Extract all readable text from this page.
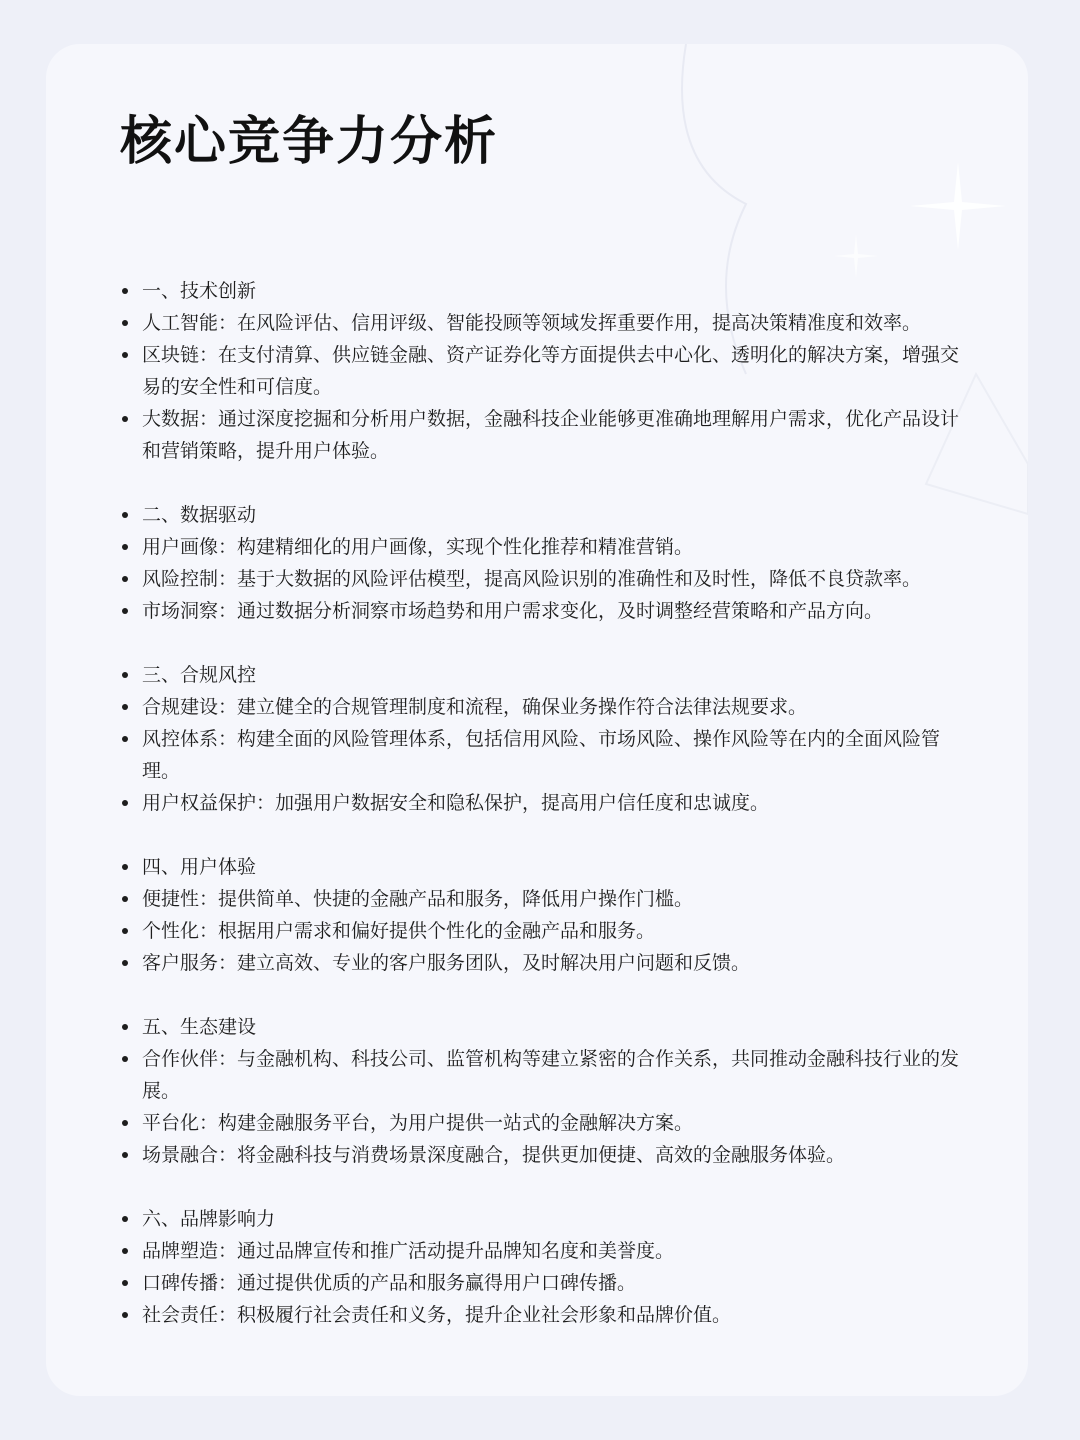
核心竞争力分析
一、技术创新
人工智能：在风险评估、信用评级、智能投顾等领域发挥重要作用，提高决策精准度和效率。
区块链：在支付清算、供应链金融、资产证券化等方面提供去中心化、透明化的解决方案，增强交易的安全性和可信度。
大数据：通过深度挖掘和分析用户数据，金融科技企业能够更准确地理解用户需求，优化产品设计和营销策略，提升用户体验。
二、数据驱动
用户画像：构建精细化的用户画像，实现个性化推荐和精准营销。
风险控制：基于大数据的风险评估模型，提高风险识别的准确性和及时性，降低不良贷款率。
市场洞察：通过数据分析洞察市场趋势和用户需求变化，及时调整经营策略和产品方向。
三、合规风控
合规建设：建立健全的合规管理制度和流程，确保业务操作符合法律法规要求。
风控体系：构建全面的风险管理体系，包括信用风险、市场风险、操作风险等在内的全面风险管理。
用户权益保护：加强用户数据安全和隐私保护，提高用户信任度和忠诚度。
四、用户体验
便捷性：提供简单、快捷的金融产品和服务，降低用户操作门槛。
个性化：根据用户需求和偏好提供个性化的金融产品和服务。
客户服务：建立高效、专业的客户服务团队，及时解决用户问题和反馈。
五、生态建设
合作伙伴：与金融机构、科技公司、监管机构等建立紧密的合作关系，共同推动金融科技行业的发展。
平台化：构建金融服务平台，为用户提供一站式的金融解决方案。
场景融合：将金融科技与消费场景深度融合，提供更加便捷、高效的金融服务体验。
六、品牌影响力
品牌塑造：通过品牌宣传和推广活动提升品牌知名度和美誉度。
口碑传播：通过提供优质的产品和服务赢得用户口碑传播。
社会责任：积极履行社会责任和义务，提升企业社会形象和品牌价值。
